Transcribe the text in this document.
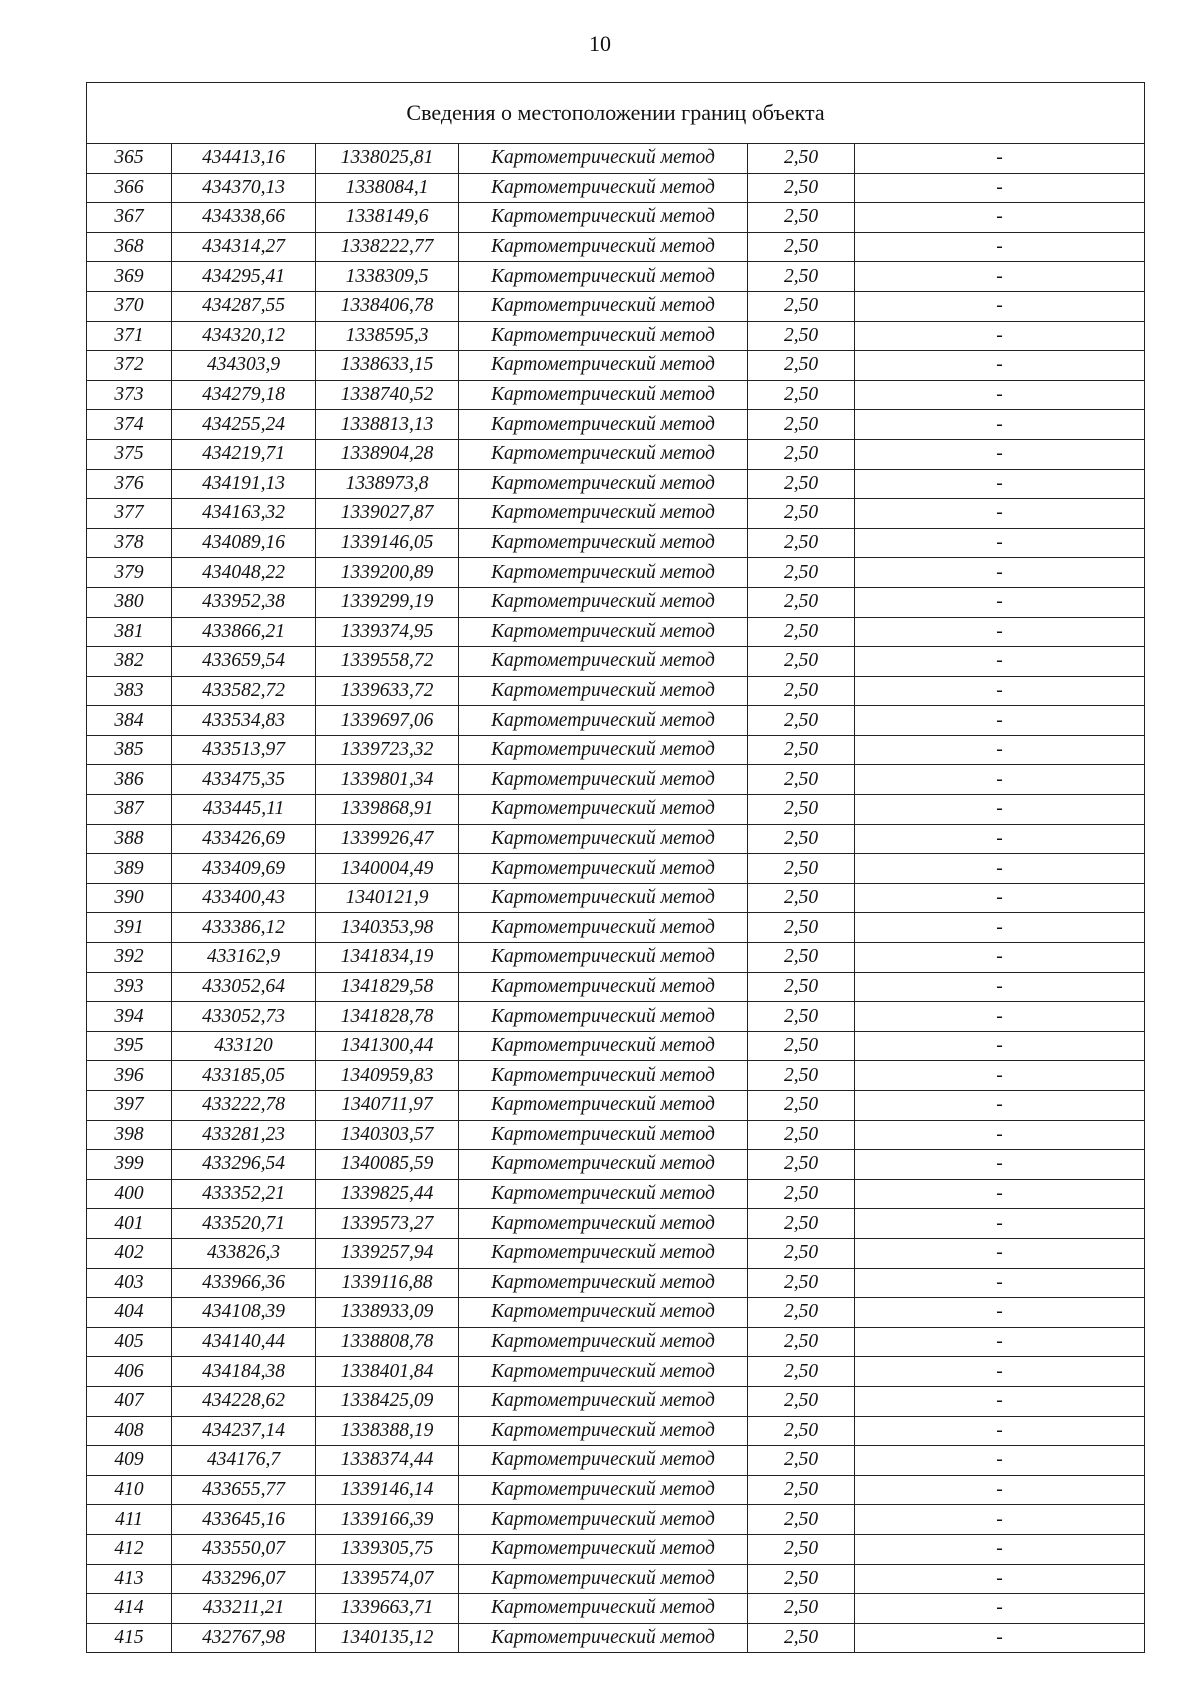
10
Сведения о местоположении границ объекта					
365	434413,16	1338025,81	Картометрический метод	2,50	-
366	434370,13	1338084,1	Картометрический метод	2,50	-
367	434338,66	1338149,6	Картометрический метод	2,50	-
368	434314,27	1338222,77	Картометрический метод	2,50	-
369	434295,41	1338309,5	Картометрический метод	2,50	-
370	434287,55	1338406,78	Картометрический метод	2,50	-
371	434320,12	1338595,3	Картометрический метод	2,50	-
372	434303,9	1338633,15	Картометрический метод	2,50	-
373	434279,18	1338740,52	Картометрический метод	2,50	-
374	434255,24	1338813,13	Картометрический метод	2,50	-
375	434219,71	1338904,28	Картометрический метод	2,50	-
376	434191,13	1338973,8	Картометрический метод	2,50	-
377	434163,32	1339027,87	Картометрический метод	2,50	-
378	434089,16	1339146,05	Картометрический метод	2,50	-
379	434048,22	1339200,89	Картометрический метод	2,50	-
380	433952,38	1339299,19	Картометрический метод	2,50	-
381	433866,21	1339374,95	Картометрический метод	2,50	-
382	433659,54	1339558,72	Картометрический метод	2,50	-
383	433582,72	1339633,72	Картометрический метод	2,50	-
384	433534,83	1339697,06	Картометрический метод	2,50	-
385	433513,97	1339723,32	Картометрический метод	2,50	-
386	433475,35	1339801,34	Картометрический метод	2,50	-
387	433445,11	1339868,91	Картометрический метод	2,50	-
388	433426,69	1339926,47	Картометрический метод	2,50	-
389	433409,69	1340004,49	Картометрический метод	2,50	-
390	433400,43	1340121,9	Картометрический метод	2,50	-
391	433386,12	1340353,98	Картометрический метод	2,50	-
392	433162,9	1341834,19	Картометрический метод	2,50	-
393	433052,64	1341829,58	Картометрический метод	2,50	-
394	433052,73	1341828,78	Картометрический метод	2,50	-
395	433120	1341300,44	Картометрический метод	2,50	-
396	433185,05	1340959,83	Картометрический метод	2,50	-
397	433222,78	1340711,97	Картометрический метод	2,50	-
398	433281,23	1340303,57	Картометрический метод	2,50	-
399	433296,54	1340085,59	Картометрический метод	2,50	-
400	433352,21	1339825,44	Картометрический метод	2,50	-
401	433520,71	1339573,27	Картометрический метод	2,50	-
402	433826,3	1339257,94	Картометрический метод	2,50	-
403	433966,36	1339116,88	Картометрический метод	2,50	-
404	434108,39	1338933,09	Картометрический метод	2,50	-
405	434140,44	1338808,78	Картометрический метод	2,50	-
406	434184,38	1338401,84	Картометрический метод	2,50	-
407	434228,62	1338425,09	Картометрический метод	2,50	-
408	434237,14	1338388,19	Картометрический метод	2,50	-
409	434176,7	1338374,44	Картометрический метод	2,50	-
410	433655,77	1339146,14	Картометрический метод	2,50	-
411	433645,16	1339166,39	Картометрический метод	2,50	-
412	433550,07	1339305,75	Картометрический метод	2,50	-
413	433296,07	1339574,07	Картометрический метод	2,50	-
414	433211,21	1339663,71	Картометрический метод	2,50	-
415	432767,98	1340135,12	Картометрический метод	2,50	-
